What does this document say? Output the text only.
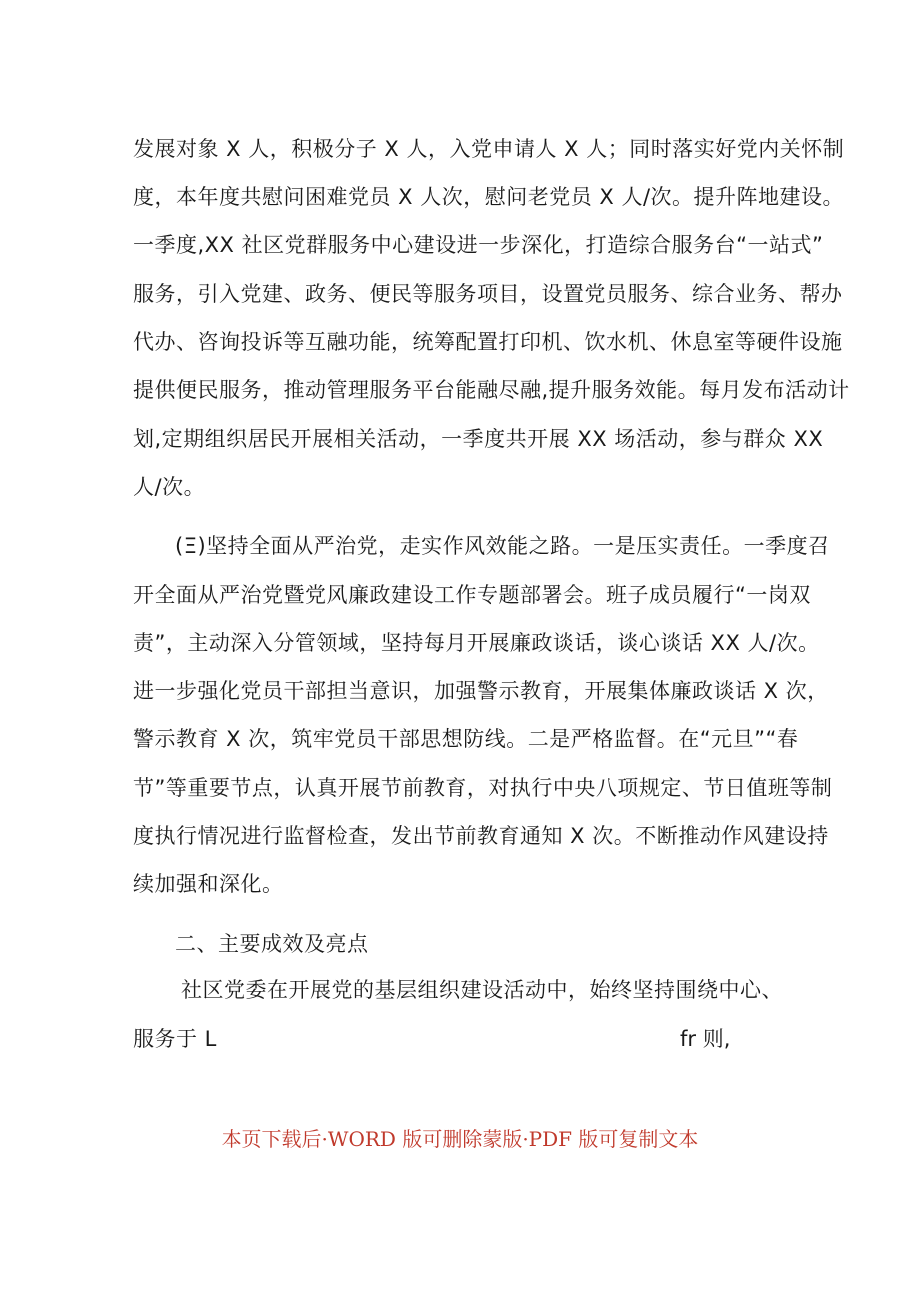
发展对象 X 人，积极分子 X 人，入党申请人 X 人；同时落实好党内关怀制
度，本年度共慰问困难党员 X 人次，慰问老党员 X 人/次。提升阵地建设。
一季度,XX 社区党群服务中心建设进一步深化，打造综合服务台“一站式”
服务，引入党建、政务、便民等服务项目，设置党员服务、综合业务、帮办
代办、咨询投诉等互融功能，统筹配置打印机、饮水机、休息室等硬件设施
提供便民服务，推动管理服务平台能融尽融,提升服务效能。每月发布活动计
划,定期组织居民开展相关活动，一季度共开展 XX 场活动，参与群众 XX
人/次。
(Ξ)坚持全面从严治党，走实作风效能之路。一是压实责任。一季度召
开全面从严治党暨党风廉政建设工作专题部署会。班子成员履行“一岗双
责”，主动深入分管领域，坚持每月开展廉政谈话，谈心谈话 XX 人/次。
进一步强化党员干部担当意识，加强警示教育，开展集体廉政谈话 X 次，
警示教育 X 次，筑牢党员干部思想防线。二是严格监督。在“元旦”“春
节”等重要节点，认真开展节前教育，对执行中央八项规定、节日值班等制
度执行情况进行监督检查，发出节前教育通知 X 次。不断推动作风建设持
续加强和深化。
二、主要成效及亮点
社区党委在开展党的基层组织建设活动中，始终坚持围绕中心、
服务于 L	fr 则,
本页下载后·WORD 版可删除蒙版·PDF 版可复制文本
